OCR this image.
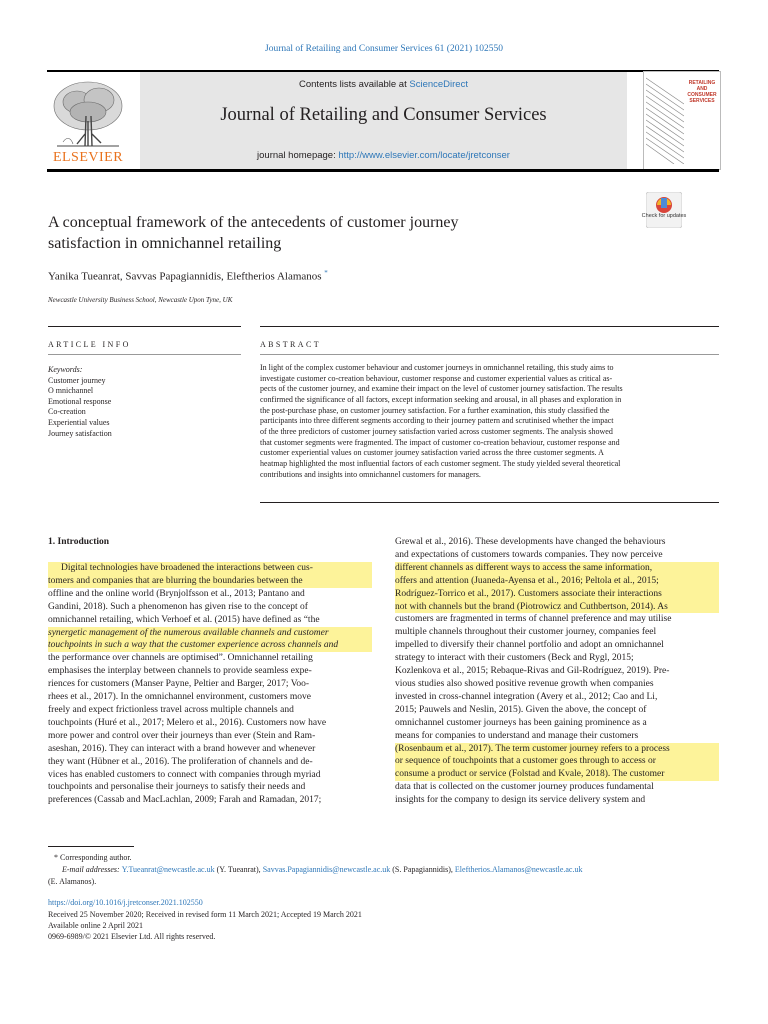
Journal of Retailing and Consumer Services 61 (2021) 102550
ELSEVIER
Contents lists available at ScienceDirect
Journal of Retailing and Consumer Services
journal homepage: http://www.elsevier.com/locate/jretconser
RETAILING AND CONSUMER SERVICES
Check for updates
A conceptual framework of the antecedents of customer journey
satisfaction in omnichannel retailing
Yanika Tueanrat, Savvas Papagiannidis, Eleftherios Alamanos *
Newcastle University Business School, Newcastle Upon Tyne, UK
ARTICLE INFO	ABSTRACT
Keywords:
Customer journey
O mnichannel
Emotional response
Co-creation
Experiential values
Journey satisfaction
In light of the complex customer behaviour and customer journeys in omnichannel retailing, this study aims to
investigate customer co-creation behaviour, customer response and customer experiential values as critical as-
pects of the customer journey, and examine their impact on the level of customer journey satisfaction. The results
confirmed the significance of all factors, except information seeking and arousal, in all phases and exploration in
the post-purchase phase, on customer journey satisfaction. For a further examination, this study classified the
participants into three different segments according to their journey pattern and scrutinised whether the impact
of the three predictors of customer journey satisfaction varied across customer segments. The analysis showed
that customer segments were fragmented. The impact of customer co-creation behaviour, customer response and
customer experiential values on customer journey satisfaction varied across the three customer segments. A
heatmap highlighted the most influential factors of each customer segment. The study yielded several theoretical
contributions and insights into omnichannel customers for managers.
1. Introduction
Digital technologies have broadened the interactions between cus-
tomers and companies that are blurring the boundaries between the
offline and the online world (Brynjolfsson et al., 2013; Pantano and
Gandini, 2018). Such a phenomenon has given rise to the concept of
omnichannel retailing, which Verhoef et al. (2015) have defined as “the
synergetic management of the numerous available channels and customer
touchpoints in such a way that the customer experience across channels and
the performance over channels are optimised”. Omnichannel retailing
emphasises the interplay between channels to provide seamless expe-
riences for customers (Manser Payne, Peltier and Barger, 2017; Voo-
rhees et al., 2017). In the omnichannel environment, customers move
freely and expect frictionless travel across multiple channels and
touchpoints (Huré et al., 2017; Melero et al., 2016). Customers now have
more power and control over their journeys than ever (Stein and Ram-
aseshan, 2016). They can interact with a brand however and whenever
they want (Hübner et al., 2016). The proliferation of channels and de-
vices has enabled customers to connect with companies through myriad
touchpoints and personalise their journeys to satisfy their needs and
preferences (Cassab and MacLachlan, 2009; Farah and Ramadan, 2017;
Grewal et al., 2016). These developments have changed the behaviours
and expectations of customers towards companies. They now perceive
different channels as different ways to access the same information,
offers and attention (Juaneda-Ayensa et al., 2016; Peltola et al., 2015;
Rodríguez-Torrico et al., 2017). Customers associate their interactions
not with channels but the brand (Piotrowicz and Cuthbertson, 2014). As
customers are fragmented in terms of channel preference and may utilise
multiple channels throughout their customer journey, companies feel
impelled to diversify their channel portfolio and adopt an omnichannel
strategy to interact with their customers (Beck and Rygl, 2015;
Kozlenkova et al., 2015; Rebaque-Rivas and Gil-Rodríguez, 2019). Pre-
vious studies also showed positive revenue growth when companies
invested in cross-channel integration (Avery et al., 2012; Cao and Li,
2015; Pauwels and Neslin, 2015). Given the above, the concept of
omnichannel customer journeys has been gaining prominence as a
means for companies to understand and manage their customers
(Rosenbaum et al., 2017). The term customer journey refers to a process
or sequence of touchpoints that a customer goes through to access or
consume a product or service (Folstad and Kvale, 2018). The customer
data that is collected on the customer journey produces fundamental
insights for the company to design its service delivery system and
* Corresponding author.
E-mail addresses: Y.Tueanrat@newcastle.ac.uk (Y. Tueanrat), Savvas.Papagiannidis@newcastle.ac.uk (S. Papagiannidis), Eleftherios.Alamanos@newcastle.ac.uk
(E. Alamanos).
https://doi.org/10.1016/j.jretconser.2021.102550
Received 25 November 2020; Received in revised form 11 March 2021; Accepted 19 March 2021
Available online 2 April 2021
0969-6989/© 2021 Elsevier Ltd. All rights reserved.
